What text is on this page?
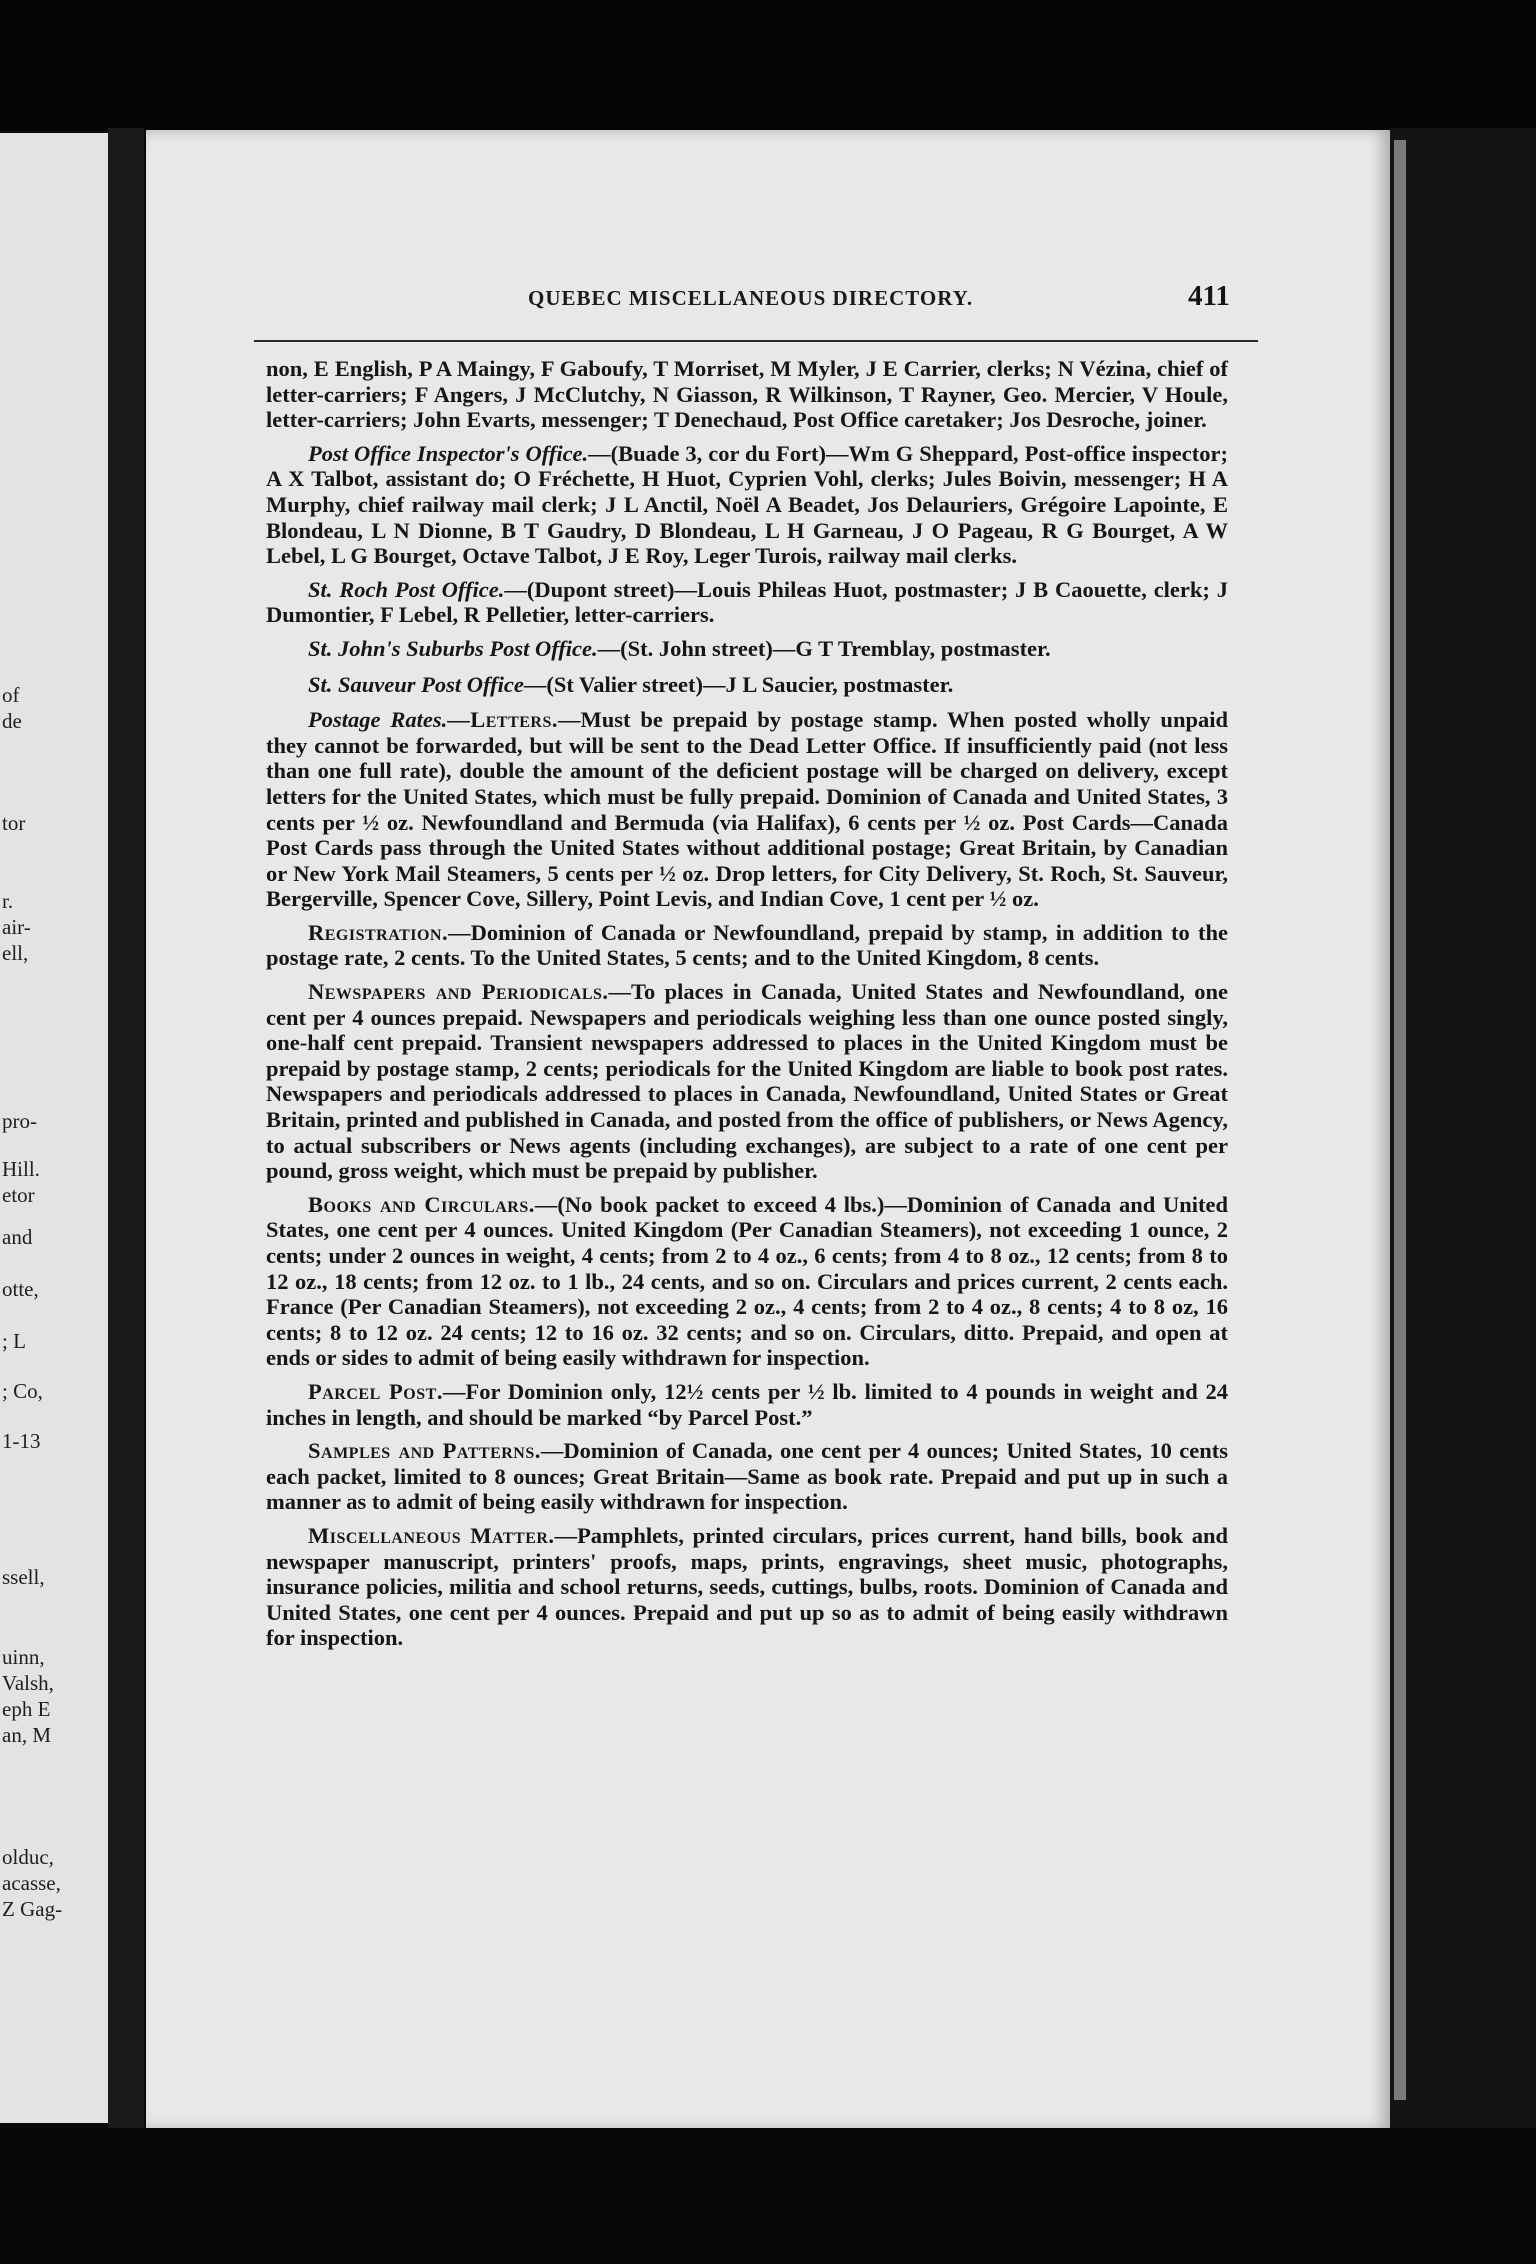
of
de
tor
r.
air-
ell,
pro-
Hill.
etor
and
otte,
; L
; Co,
1-13
ssell,
uinn,
Valsh,
eph E
an, M
olduc,
acasse,
Z Gag-
QUEBEC MISCELLANEOUS DIRECTORY.	411

non, E English, P A Maingy, F Gaboufy, T Morriset, M Myler, J E Carrier, clerks; N Vézina, chief of letter-carriers; F Angers, J McClutchy, N Giasson, R Wilkinson, T Rayner, Geo. Mercier, V Houle, letter-carriers; John Evarts, messenger; T Denechaud, Post Office caretaker; Jos Desroche, joiner.

Post Office Inspector's Office.—(Buade 3, cor du Fort)—Wm G Sheppard, Post-office inspector; A X Talbot, assistant do; O Fréchette, H Huot, Cyprien Vohl, clerks; Jules Boivin, messenger; H A Murphy, chief railway mail clerk; J L Anctil, Noël A Beadet, Jos Delauriers, Grégoire Lapointe, E Blondeau, L N Dionne, B T Gaudry, D Blondeau, L H Garneau, J O Pageau, R G Bourget, A W Lebel, L G Bourget, Octave Talbot, J E Roy, Leger Turois, railway mail clerks.

St. Roch Post Office.—(Dupont street)—Louis Phileas Huot, postmaster; J B Caouette, clerk; J Dumontier, F Lebel, R Pelletier, letter-carriers.

St. John's Suburbs Post Office.—(St. John street)—G T Tremblay, postmaster.

St. Sauveur Post Office—(St Valier street)—J L Saucier, postmaster.

Postage Rates.—Letters.—Must be prepaid by postage stamp. When posted wholly unpaid they cannot be forwarded, but will be sent to the Dead Letter Office. If insufficiently paid (not less than one full rate), double the amount of the deficient postage will be charged on delivery, except letters for the United States, which must be fully prepaid. Dominion of Canada and United States, 3 cents per ½ oz. Newfoundland and Bermuda (via Halifax), 6 cents per ½ oz. Post Cards—Canada Post Cards pass through the United States without additional postage; Great Britain, by Canadian or New York Mail Steamers, 5 cents per ½ oz. Drop letters, for City Delivery, St. Roch, St. Sauveur, Bergerville, Spencer Cove, Sillery, Point Levis, and Indian Cove, 1 cent per ½ oz.

Registration.—Dominion of Canada or Newfoundland, prepaid by stamp, in addition to the postage rate, 2 cents. To the United States, 5 cents; and to the United Kingdom, 8 cents.

Newspapers and Periodicals.—To places in Canada, United States and Newfoundland, one cent per 4 ounces prepaid. Newspapers and periodicals weighing less than one ounce posted singly, one-half cent prepaid. Transient newspapers addressed to places in the United Kingdom must be prepaid by postage stamp, 2 cents; periodicals for the United Kingdom are liable to book post rates. Newspapers and periodicals addressed to places in Canada, Newfoundland, United States or Great Britain, printed and published in Canada, and posted from the office of publishers, or News Agency, to actual subscribers or News agents (including exchanges), are subject to a rate of one cent per pound, gross weight, which must be prepaid by publisher.

Books and Circulars.—(No book packet to exceed 4 lbs.)—Dominion of Canada and United States, one cent per 4 ounces. United Kingdom (Per Canadian Steamers), not exceeding 1 ounce, 2 cents; under 2 ounces in weight, 4 cents; from 2 to 4 oz., 6 cents; from 4 to 8 oz., 12 cents; from 8 to 12 oz., 18 cents; from 12 oz. to 1 lb., 24 cents, and so on. Circulars and prices current, 2 cents each. France (Per Canadian Steamers), not exceeding 2 oz., 4 cents; from 2 to 4 oz., 8 cents; 4 to 8 oz, 16 cents; 8 to 12 oz. 24 cents; 12 to 16 oz. 32 cents; and so on. Circulars, ditto. Prepaid, and open at ends or sides to admit of being easily withdrawn for inspection.

Parcel Post.—For Dominion only, 12½ cents per ½ lb. limited to 4 pounds in weight and 24 inches in length, and should be marked “by Parcel Post.”

Samples and Patterns.—Dominion of Canada, one cent per 4 ounces; United States, 10 cents each packet, limited to 8 ounces; Great Britain—Same as book rate. Prepaid and put up in such a manner as to admit of being easily withdrawn for inspection.

Miscellaneous Matter.—Pamphlets, printed circulars, prices current, hand bills, book and newspaper manuscript, printers' proofs, maps, prints, engravings, sheet music, photographs, insurance policies, militia and school returns, seeds, cuttings, bulbs, roots. Dominion of Canada and United States, one cent per 4 ounces. Prepaid and put up so as to admit of being easily withdrawn for inspection.
